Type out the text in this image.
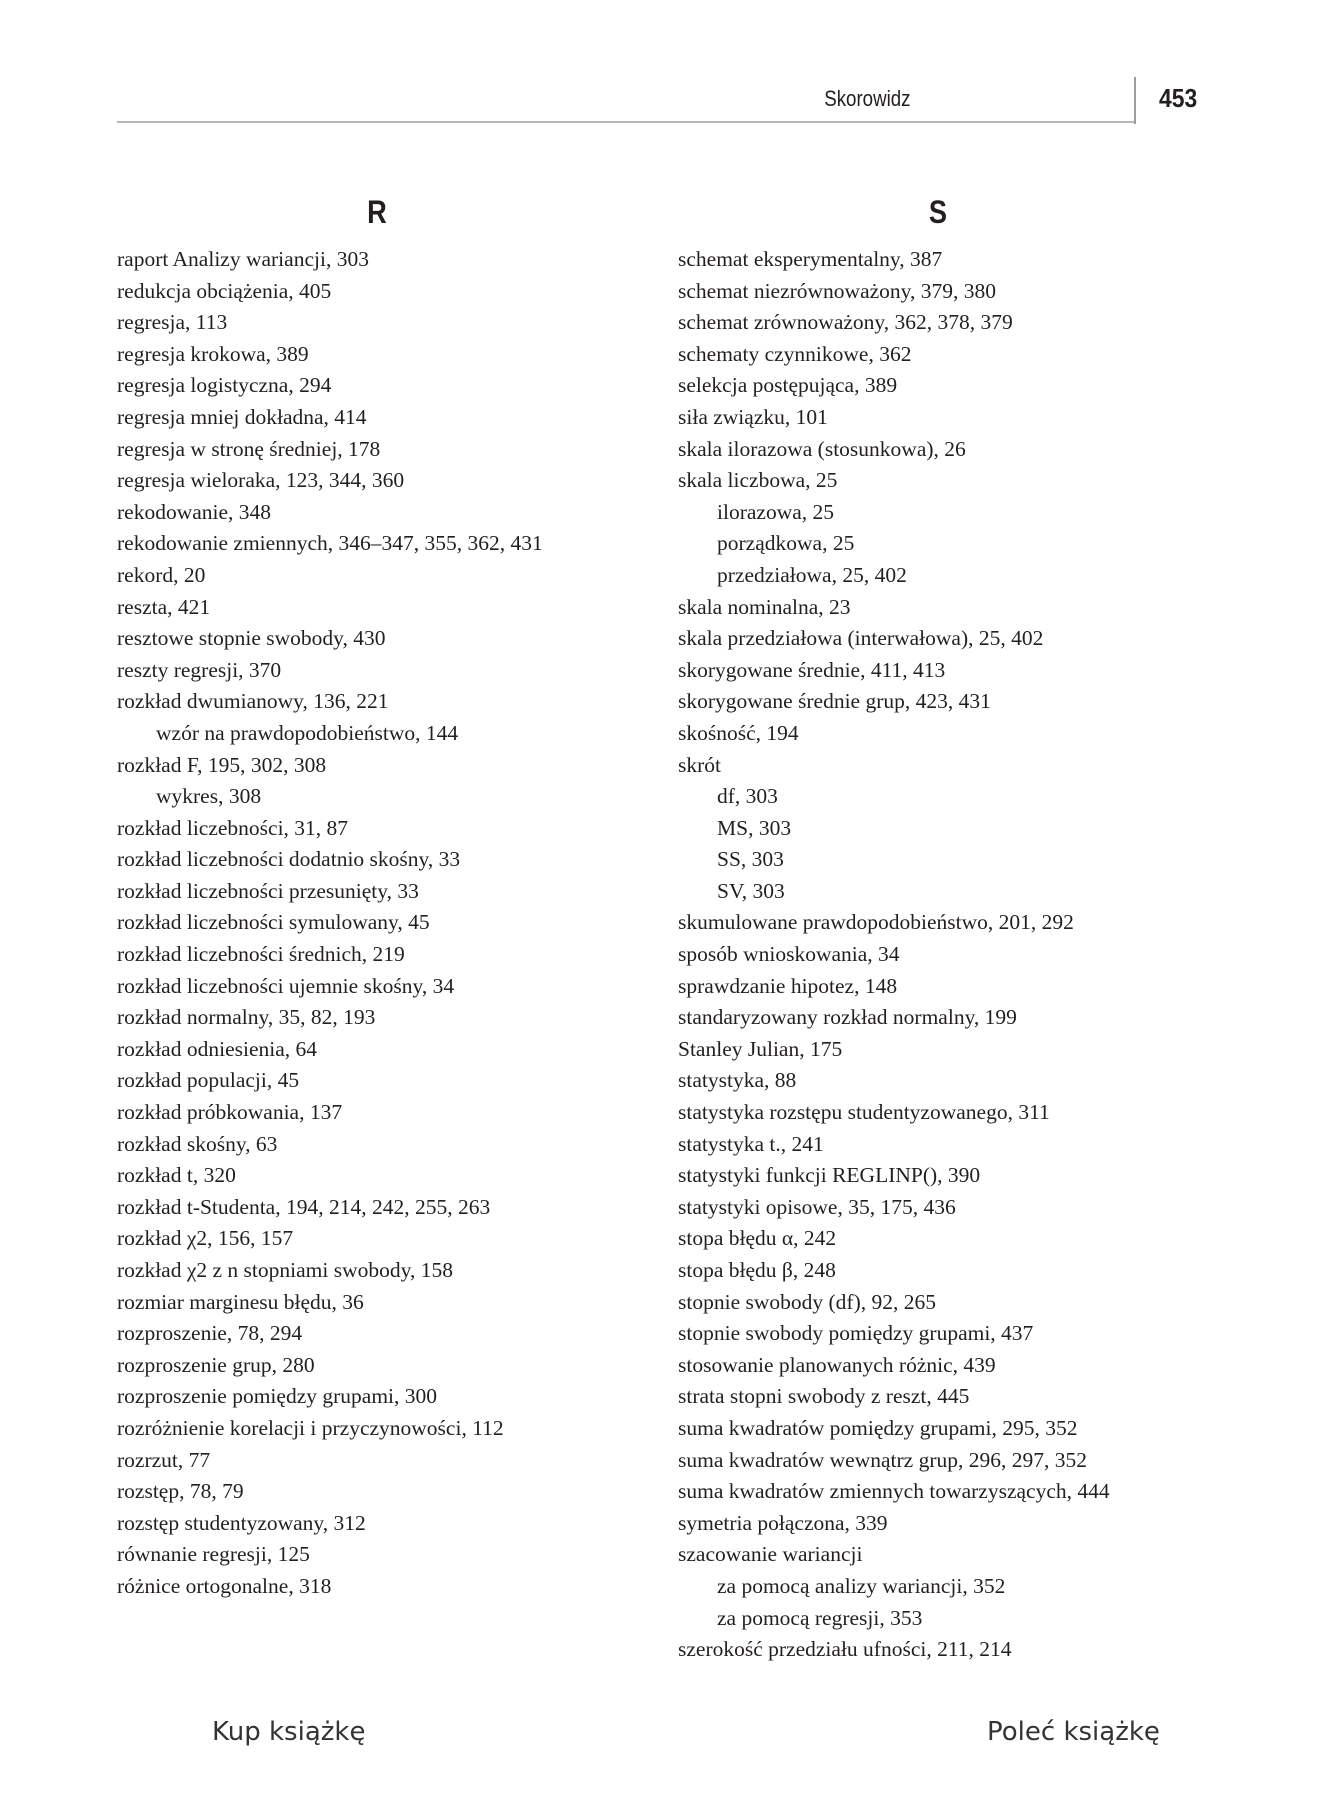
Skorowidz	453
R
raport Analizy wariancji, 303
redukcja obciążenia, 405
regresja, 113
regresja krokowa, 389
regresja logistyczna, 294
regresja mniej dokładna, 414
regresja w stronę średniej, 178
regresja wieloraka, 123, 344, 360
rekodowanie, 348
rekodowanie zmiennych, 346–347, 355, 362, 431
rekord, 20
reszta, 421
resztowe stopnie swobody, 430
reszty regresji, 370
rozkład dwumianowy, 136, 221
wzór na prawdopodobieństwo, 144
rozkład F, 195, 302, 308
wykres, 308
rozkład liczebności, 31, 87
rozkład liczebności dodatnio skośny, 33
rozkład liczebności przesunięty, 33
rozkład liczebności symulowany, 45
rozkład liczebności średnich, 219
rozkład liczebności ujemnie skośny, 34
rozkład normalny, 35, 82, 193
rozkład odniesienia, 64
rozkład populacji, 45
rozkład próbkowania, 137
rozkład skośny, 63
rozkład t, 320
rozkład t-Studenta, 194, 214, 242, 255, 263
rozkład χ2, 156, 157
rozkład χ2 z n stopniami swobody, 158
rozmiar marginesu błędu, 36
rozproszenie, 78, 294
rozproszenie grup, 280
rozproszenie pomiędzy grupami, 300
rozróżnienie korelacji i przyczynowości, 112
rozrzut, 77
rozstęp, 78, 79
rozstęp studentyzowany, 312
równanie regresji, 125
różnice ortogonalne, 318
S
schemat eksperymentalny, 387
schemat niezrównoważony, 379, 380
schemat zrównoważony, 362, 378, 379
schematy czynnikowe, 362
selekcja postępująca, 389
siła związku, 101
skala ilorazowa (stosunkowa), 26
skala liczbowa, 25
ilorazowa, 25
porządkowa, 25
przedziałowa, 25, 402
skala nominalna, 23
skala przedziałowa (interwałowa), 25, 402
skorygowane średnie, 411, 413
skorygowane średnie grup, 423, 431
skośność, 194
skrót
df, 303
MS, 303
SS, 303
SV, 303
skumulowane prawdopodobieństwo, 201, 292
sposób wnioskowania, 34
sprawdzanie hipotez, 148
standaryzowany rozkład normalny, 199
Stanley Julian, 175
statystyka, 88
statystyka rozstępu studentyzowanego, 311
statystyka t., 241
statystyki funkcji REGLINP(), 390
statystyki opisowe, 35, 175, 436
stopa błędu α, 242
stopa błędu β, 248
stopnie swobody (df), 92, 265
stopnie swobody pomiędzy grupami, 437
stosowanie planowanych różnic, 439
strata stopni swobody z reszt, 445
suma kwadratów pomiędzy grupami, 295, 352
suma kwadratów wewnątrz grup, 296, 297, 352
suma kwadratów zmiennych towarzyszących, 444
symetria połączona, 339
szacowanie wariancji
za pomocą analizy wariancji, 352
za pomocą regresji, 353
szerokość przedziału ufności, 211, 214
Kup książkę	Poleć książkę
